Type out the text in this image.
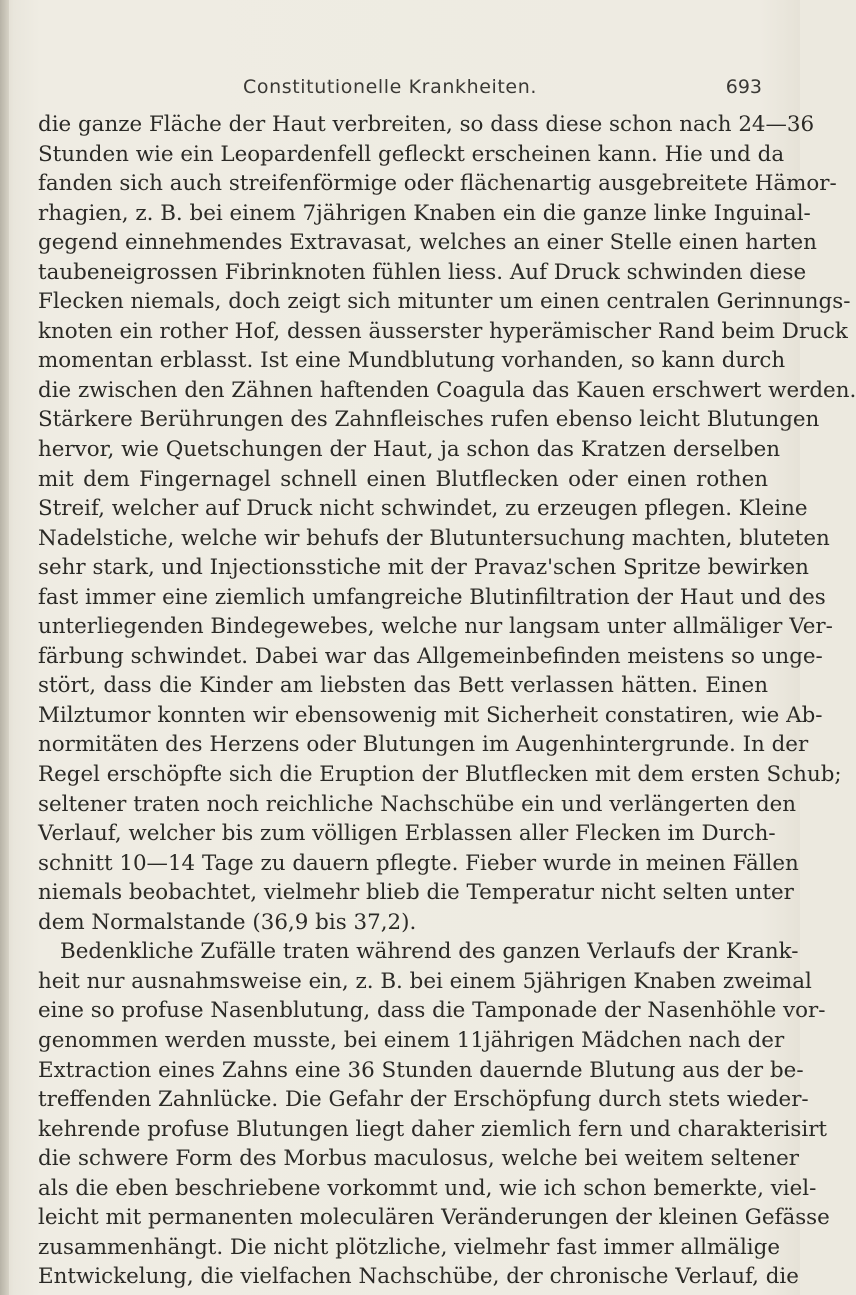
Constitutionelle Krankheiten.	693
die ganze Fläche der Haut verbreiten, so dass diese schon nach 24—36
Stunden wie ein Leopardenfell gefleckt erscheinen kann. Hie und da
fanden sich auch streifenförmige oder flächenartig ausgebreitete Hämor-
rhagien, z. B. bei einem 7jährigen Knaben ein die ganze linke Inguinal-
gegend einnehmendes Extravasat, welches an einer Stelle einen harten
taubeneigrossen Fibrinknoten fühlen liess. Auf Druck schwinden diese
Flecken niemals, doch zeigt sich mitunter um einen centralen Gerinnungs-
knoten ein rother Hof, dessen äusserster hyperämischer Rand beim Druck
momentan erblasst. Ist eine Mundblutung vorhanden, so kann durch
die zwischen den Zähnen haftenden Coagula das Kauen erschwert werden.
Stärkere Berührungen des Zahnfleisches rufen ebenso leicht Blutungen
hervor, wie Quetschungen der Haut, ja schon das Kratzen derselben
mit dem Fingernagel schnell einen Blutflecken oder einen rothen
Streif, welcher auf Druck nicht schwindet, zu erzeugen pflegen. Kleine
Nadelstiche, welche wir behufs der Blutuntersuchung machten, bluteten
sehr stark, und Injectionsstiche mit der Pravaz'schen Spritze bewirken
fast immer eine ziemlich umfangreiche Blutinfiltration der Haut und des
unterliegenden Bindegewebes, welche nur langsam unter allmäliger Ver-
färbung schwindet. Dabei war das Allgemeinbefinden meistens so unge-
stört, dass die Kinder am liebsten das Bett verlassen hätten. Einen
Milztumor konnten wir ebensowenig mit Sicherheit constatiren, wie Ab-
normitäten des Herzens oder Blutungen im Augenhintergrunde. In der
Regel erschöpfte sich die Eruption der Blutflecken mit dem ersten Schub;
seltener traten noch reichliche Nachschübe ein und verlängerten den
Verlauf, welcher bis zum völligen Erblassen aller Flecken im Durch-
schnitt 10—14 Tage zu dauern pflegte. Fieber wurde in meinen Fällen
niemals beobachtet, vielmehr blieb die Temperatur nicht selten unter
dem Normalstande (36,9 bis 37,2).
Bedenkliche Zufälle traten während des ganzen Verlaufs der Krank-
heit nur ausnahmsweise ein, z. B. bei einem 5jährigen Knaben zweimal
eine so profuse Nasenblutung, dass die Tamponade der Nasenhöhle vor-
genommen werden musste, bei einem 11jährigen Mädchen nach der
Extraction eines Zahns eine 36 Stunden dauernde Blutung aus der be-
treffenden Zahnlücke. Die Gefahr der Erschöpfung durch stets wieder-
kehrende profuse Blutungen liegt daher ziemlich fern und charakterisirt
die schwere Form des Morbus maculosus, welche bei weitem seltener
als die eben beschriebene vorkommt und, wie ich schon bemerkte, viel-
leicht mit permanenten moleculären Veränderungen der kleinen Gefässe
zusammenhängt. Die nicht plötzliche, vielmehr fast immer allmälige
Entwickelung, die vielfachen Nachschübe, der chronische Verlauf, die
